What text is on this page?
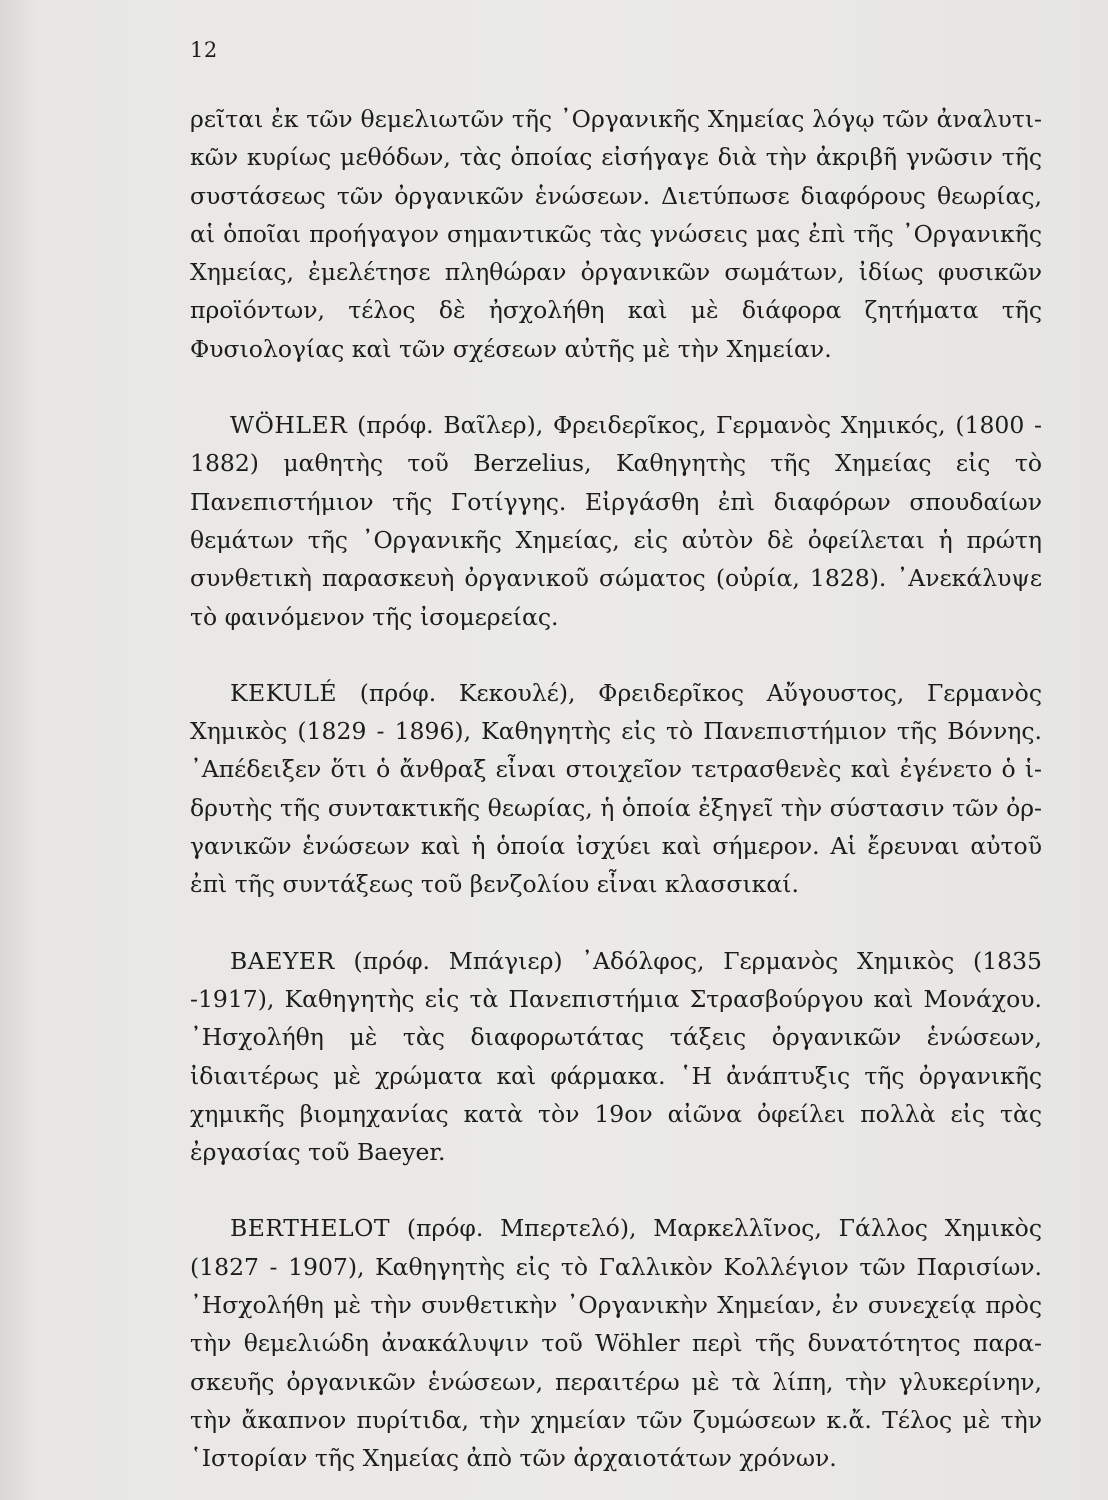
12

ρεῖται ἐκ τῶν θεμελιωτῶν τῆς ᾿Οργανικῆς Χημείας λόγῳ τῶν ἀναλυτικῶν κυρίως μεθόδων, τὰς ὁποίας εἰσήγαγε διὰ τὴν ἀκριβῆ γνῶσιν τῆς συστάσεως τῶν ὀργανικῶν ἑνώσεων. Διετύπωσε διαφόρους θεωρίας, αἱ ὁποῖαι προήγαγον σημαντικῶς τὰς γνώσεις μας ἐπὶ τῆς ᾿Οργανικῆς Χημείας, ἐμελέτησε πληθώραν ὀργανικῶν σωμάτων, ἰδίως φυσικῶν προϊόντων, τέλος δὲ ἠσχολήθη καὶ μὲ διάφορα ζητήματα τῆς Φυσιολογίας καὶ τῶν σχέσεων αὐτῆς μὲ τὴν Χημείαν.

WÖHLER (πρόφ. Βαῖλερ), Φρειδερῖκος, Γερμανὸς Χημικός, (1800 - 1882) μαθητὴς τοῦ Berzelius, Καθηγητὴς τῆς Χημείας εἰς τὸ Πανεπιστήμιον τῆς Γοτίγγης. Εἰργάσθη ἐπὶ διαφόρων σπουδαίων θεμάτων τῆς ᾿Οργανικῆς Χημείας, εἰς αὐτὸν δὲ ὀφείλεται ἡ πρώτη συνθετικὴ παρασκευὴ ὀργανικοῦ σώματος (οὐρία, 1828). ᾿Ανεκάλυψε τὸ φαινόμενον τῆς ἰσομερείας.

KEKULÉ (πρόφ. Κεκουλέ), Φρειδερῖκος Αὔγουστος, Γερμανὸς Χημικὸς (1829 - 1896), Καθηγητὴς εἰς τὸ Πανεπιστήμιον τῆς Βόννης. ᾿Απέδειξεν ὅτι ὁ ἄνθραξ εἶναι στοιχεῖον τετρασθενὲς καὶ ἐγένετο ὁ ἱδρυτὴς τῆς συντακτικῆς θεωρίας, ἡ ὁποία ἐξηγεῖ τὴν σύστασιν τῶν ὀργανικῶν ἑνώσεων καὶ ἡ ὁποία ἰσχύει καὶ σήμερον. Αἱ ἔρευναι αὐτοῦ ἐπὶ τῆς συντάξεως τοῦ βενζολίου εἶναι κλασσικαί.

BAEYER (πρόφ. Μπάγιερ) ᾿Αδόλφος, Γερμανὸς Χημικὸς (1835 -1917), Καθηγητὴς εἰς τὰ Πανεπιστήμια Στρασβούργου καὶ Μονάχου. ᾿Ησχολήθη μὲ τὰς διαφορωτάτας τάξεις ὀργανικῶν ἑνώσεων, ἰδιαιτέρως μὲ χρώματα καὶ φάρμακα. ῾Η ἀνάπτυξις τῆς ὀργανικῆς χημικῆς βιομηχανίας κατὰ τὸν 19ον αἰῶνα ὀφείλει πολλὰ εἰς τὰς ἐργασίας τοῦ Baeyer.

BERTHELOT (πρόφ. Μπερτελό), Μαρκελλῖνος, Γάλλος Χημικὸς (1827 - 1907), Καθηγητὴς εἰς τὸ Γαλλικὸν Κολλέγιον τῶν Παρισίων. ᾿Ησχολήθη μὲ τὴν συνθετικὴν ᾿Οργανικὴν Χημείαν, ἐν συνεχείᾳ πρὸς τὴν θεμελιώδη ἀνακάλυψιν τοῦ Wöhler περὶ τῆς δυνατότητος παρασκευῆς ὀργανικῶν ἑνώσεων, περαιτέρω μὲ τὰ λίπη, τὴν γλυκερίνην, τὴν ἄκαπνον πυρίτιδα, τὴν χημείαν τῶν ζυμώσεων κ.ἄ. Τέλος μὲ τὴν ῾Ιστορίαν τῆς Χημείας ἀπὸ τῶν ἀρχαιοτάτων χρόνων.
